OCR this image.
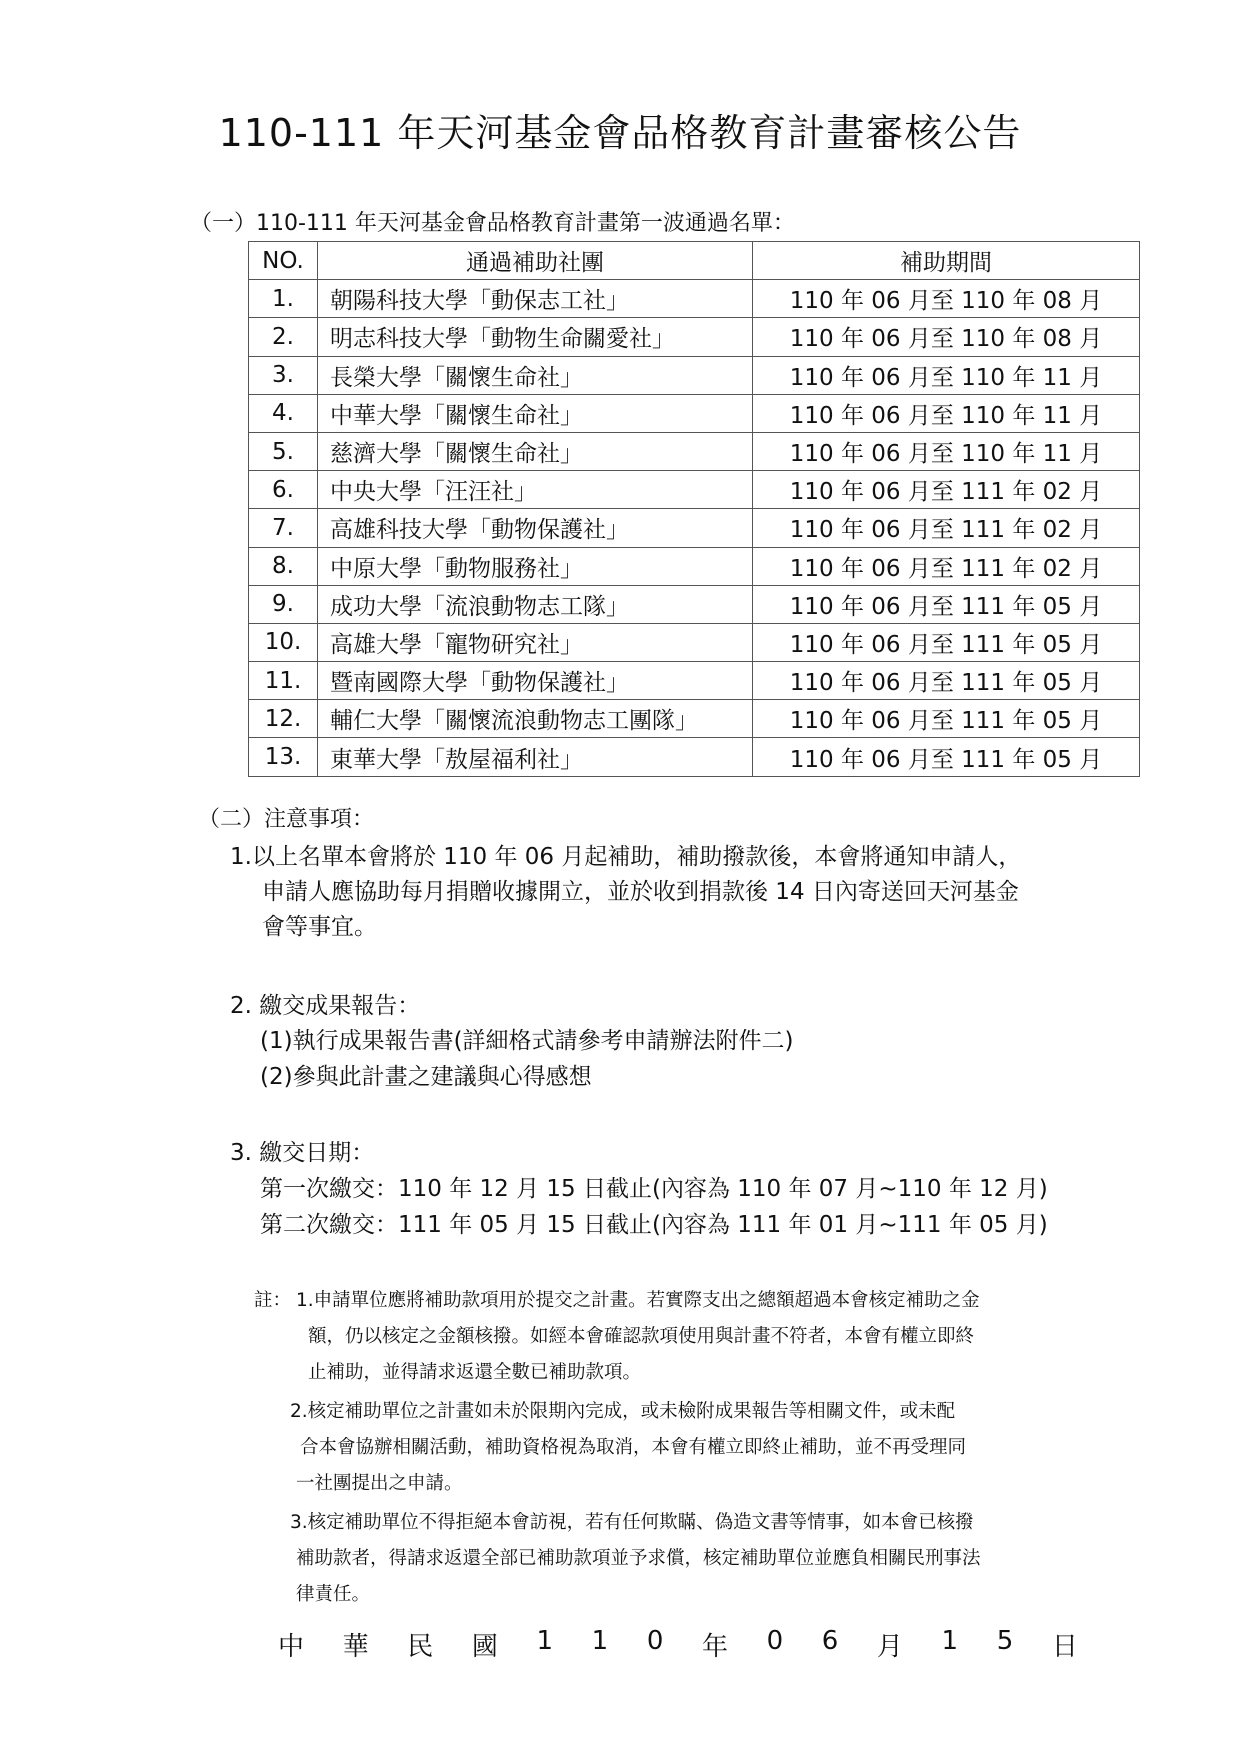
110-111 年天河基金會品格教育計畫審核公告
（一）110-111 年天河基金會品格教育計畫第一波通過名單：
NO.	通過補助社團	補助期間
1.	朝陽科技大學「動保志工社」	110 年 06 月至 110 年 08 月
2.	明志科技大學「動物生命關愛社」	110 年 06 月至 110 年 08 月
3.	長榮大學「關懷生命社」	110 年 06 月至 110 年 11 月
4.	中華大學「關懷生命社」	110 年 06 月至 110 年 11 月
5.	慈濟大學「關懷生命社」	110 年 06 月至 110 年 11 月
6.	中央大學「汪汪社」	110 年 06 月至 111 年 02 月
7.	高雄科技大學「動物保護社」	110 年 06 月至 111 年 02 月
8.	中原大學「動物服務社」	110 年 06 月至 111 年 02 月
9.	成功大學「流浪動物志工隊」	110 年 06 月至 111 年 05 月
10.	高雄大學「寵物研究社」	110 年 06 月至 111 年 05 月
11.	暨南國際大學「動物保護社」	110 年 06 月至 111 年 05 月
12.	輔仁大學「關懷流浪動物志工團隊」	110 年 06 月至 111 年 05 月
13.	東華大學「敖屋福利社」	110 年 06 月至 111 年 05 月
（二）注意事項：
1.以上名單本會將於 110 年 06 月起補助，補助撥款後，本會將通知申請人，
申請人應協助每月捐贈收據開立，並於收到捐款後 14 日內寄送回天河基金
會等事宜。
2. 繳交成果報告：
(1)執行成果報告書(詳細格式請參考申請辦法附件二)
(2)參與此計畫之建議與心得感想
3. 繳交日期：
第一次繳交：110 年 12 月 15 日截止(內容為 110 年 07 月~110 年 12 月)
第二次繳交：111 年 05 月 15 日截止(內容為 111 年 01 月~111 年 05 月)
註： 1.申請單位應將補助款項用於提交之計畫。若實際支出之總額超過本會核定補助之金
額，仍以核定之金額核撥。如經本會確認款項使用與計畫不符者，本會有權立即終
止補助，並得請求返還全數已補助款項。
2.核定補助單位之計畫如未於限期內完成，或未檢附成果報告等相關文件，或未配
合本會協辦相關活動，補助資格視為取消，本會有權立即終止補助，並不再受理同
一社團提出之申請。
3.核定補助單位不得拒絕本會訪視，若有任何欺瞞、偽造文書等情事，如本會已核撥
補助款者，得請求返還全部已補助款項並予求償，核定補助單位並應負相關民刑事法
律責任。
中 華 民 國 1 1 0 年 0 6 月 1 5 日
